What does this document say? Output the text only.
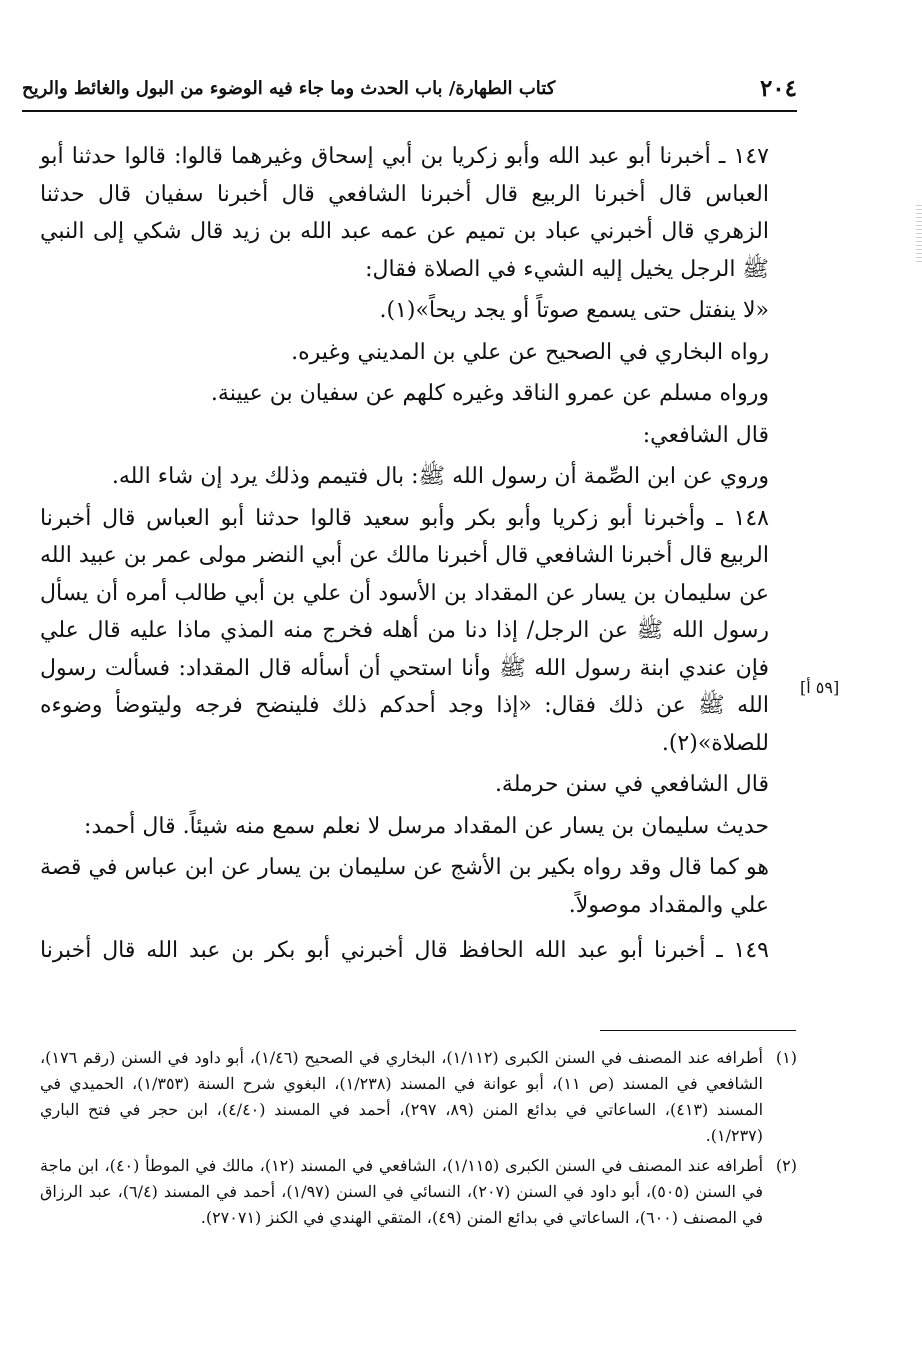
٢٠٤
كتاب الطهارة/ باب الحدث وما جاء فيه الوضوء من البول والغائط والريح

١٤٧ ـ أخبرنا أبو عبد الله وأبو زكريا بن أبي إسحاق وغيرهما قالوا: قالوا حدثنا أبو العباس قال أخبرنا الربيع قال أخبرنا الشافعي قال أخبرنا سفيان قال حدثنا الزهري قال أخبرني عباد بن تميم عن عمه عبد الله بن زيد قال شكي إلى النبي ﷺ الرجل يخيل إليه الشيء في الصلاة فقال:

«لا ينفتل حتى يسمع صوتاً أو يجد ريحاً»(١).

رواه البخاري في الصحيح عن علي بن المديني وغيره.

ورواه مسلم عن عمرو الناقد وغيره كلهم عن سفيان بن عيينة.

قال الشافعي:

وروي عن ابن الصِّمة أن رسول الله ﷺ: بال فتيمم وذلك يرد إن شاء الله.

١٤٨ ـ وأخبرنا أبو زكريا وأبو بكر وأبو سعيد قالوا حدثنا أبو العباس قال أخبرنا الربيع قال أخبرنا الشافعي قال أخبرنا مالك عن أبي النضر مولى عمر بن عبيد الله عن سليمان بن يسار عن المقداد بن الأسود أن علي بن أبي طالب أمره أن يسأل رسول الله ﷺ عن الرجل/ إذا دنا من أهله فخرج منه المذي ماذا عليه قال علي فإن عندي ابنة رسول الله ﷺ وأنا استحي أن أسأله قال المقداد: فسألت رسول الله ﷺ عن ذلك فقال: «إذا وجد أحدكم ذلك فلينضح فرجه وليتوضأ وضوءه للصلاة»(٢).

قال الشافعي في سنن حرملة.

حديث سليمان بن يسار عن المقداد مرسل لا نعلم سمع منه شيئاً. قال أحمد:

هو كما قال وقد رواه بكير بن الأشج عن سليمان بن يسار عن ابن عباس في قصة علي والمقداد موصولاً.

١٤٩ ـ أخبرنا أبو عبد الله الحافظ قال أخبرني أبو بكر بن عبد الله قال أخبرنا

[٥٩ أ]
(١)
أطرافه عند المصنف في السنن الكبرى (١/١١٢)، البخاري في الصحيح (١/٤٦)، أبو داود في السنن (رقم ١٧٦)، الشافعي في المسند (ص ١١)، أبو عوانة في المسند (١/٢٣٨)، البغوي شرح السنة (١/٣٥٣)، الحميدي في المسند (٤١٣)، الساعاتي في بدائع المنن (٨٩، ٢٩٧)، أحمد في المسند (٤/٤٠)، ابن حجر في فتح الباري (١/٢٣٧).
(٢)
أطرافه عند المصنف في السنن الكبرى (١/١١٥)، الشافعي في المسند (١٢)، مالك في الموطأ (٤٠)، ابن ماجة في السنن (٥٠٥)، أبو داود في السنن (٢٠٧)، النسائي في السنن (١/٩٧)، أحمد في المسند (٦/٤)، عبد الرزاق في المصنف (٦٠٠)، الساعاتي في بدائع المنن (٤٩)، المتقي الهندي في الكنز (٢٧٠٧١).
